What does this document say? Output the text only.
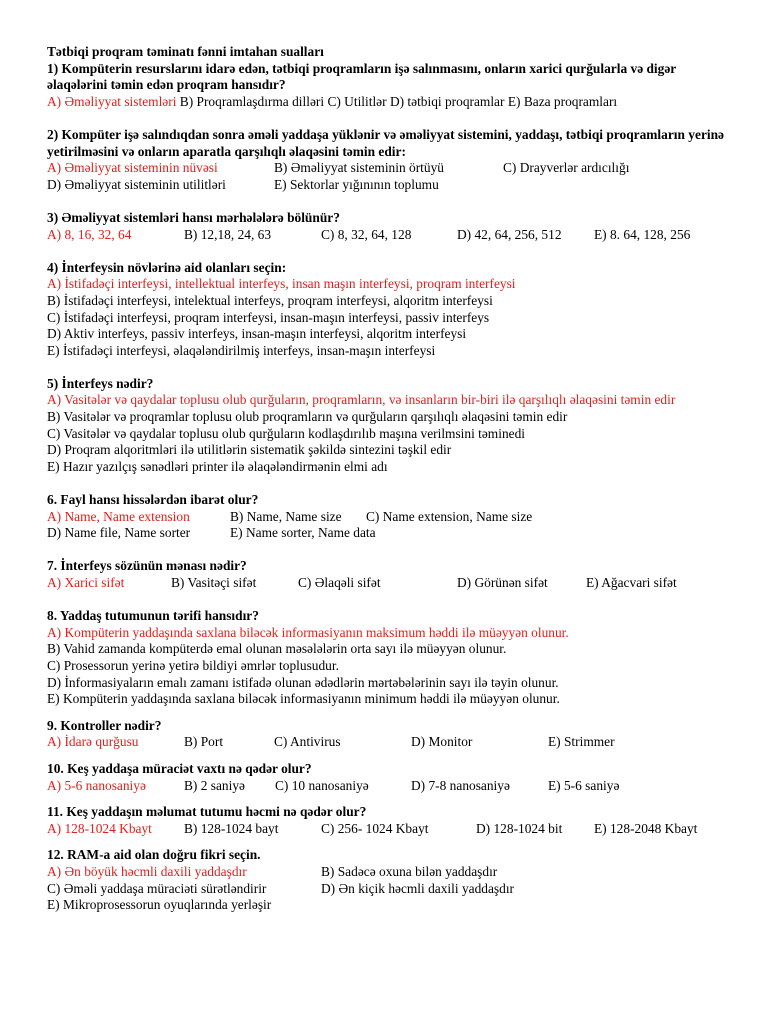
Tətbiqi proqram təminatı fənni imtahan sualları
1) Kompüterin resurslarını idarə edən, tətbiqi proqramların işə salınmasını, onların xarici qurğularla və digər əlaqələrini təmin edən proqram hansıdır?
A) Əməliyyat sistemləri B) Proqramlaşdırma dilləri C) Utilitlər D) tətbiqi proqramlar E) Baza proqramları
2) Kompüter işə salındıqdan sonra əməli yaddaşa yüklənir və əməliyyat sistemini, yaddaşı, tətbiqi proqramların yerinə yetirilməsini və onların aparatla qarşılıqlı əlaqəsini təmin edir:
A) Əməliyyat sisteminin nüvəsi	B) Əməliyyat sisteminin örtüyü	C) Drayverlər ardıcılığı
D) Əməliyyat sisteminin utilitləri	E) Sektorlar yığınının toplumu
3) Əməliyyat sistemləri hansı mərhələlərə bölünür?
A) 8, 16, 32, 64	B) 12,18, 24, 63	C) 8, 32, 64, 128	D) 42, 64, 256, 512 E) 8. 64, 128, 256
4) İnterfeysin növlərinə aid olanları seçin:
A) İstifadəçi interfeysi, intellektual interfeys, insan maşın interfeysi, proqram interfeysi
B) İstifadəçi interfeysi, intelektual interfeys, proqram interfeysi, alqoritm interfeysi
C) İstifadəçi interfeysi, proqram interfeysi, insan-maşın interfeysi, passiv interfeys
D) Aktiv interfeys, passiv interfeys, insan-maşın interfeysi, alqoritm interfeysi
E) İstifadəçi interfeysi, əlaqələndirilmiş interfeys, insan-maşın interfeysi
5) İnterfeys nədir?
A) Vasitələr və qaydalar toplusu olub qurğuların, proqramların, və insanların bir-biri ilə qarşılıqlı əlaqəsini təmin edir
B) Vasitələr və proqramlar toplusu olub proqramların və qurğuların qarşılıqlı əlaqəsini təmin edir
C) Vasitələr və qaydalar toplusu olub qurğuların kodlaşdırılıb maşına verilmsini təminedi
D) Proqram alqoritmləri ilə utilitlərin sistematik şəkildə sintezini təşkil edir
E) Hazır yazılçış sənədləri printer ilə əlaqələndirmənin elmi adı
6. Fayl hansı hissələrdən ibarət olur?
A) Name, Name extension	B) Name, Name size C) Name extension, Name size
D) Name file, Name sorter	E) Name sorter, Name data
7. İnterfeys sözünün mənası nədir?
A) Xarici sifət	B) Vasitəçi sifət	C) Əlaqəli sifət	D) Görünən sifət	E) Ağacvari sifət
8. Yaddaş tutumunun tərifi hansıdır?
A) Kompüterin yaddaşında saxlana biləcək informasiyanın maksimum həddi ilə müəyyən olunur.
B) Vahid zamanda kompüterdə emal olunan məsələlərin orta sayı ilə müəyyən olunur.
C) Prosessorun yerinə yetirə bildiyi əmrlər toplusudur.
D) İnformasiyaların emalı zamanı istifadə olunan ədədlərin mərtəbələrinin sayı ilə təyin olunur.
E) Kompüterin yaddaşında saxlana biləcək informasiyanın minimum həddi ilə müəyyən olunur.
9. Kontroller nədir?
A) İdarə qurğusu	B) Port	C) Antivirus	D) Monitor	E) Strimmer
10. Keş yaddaşa müraciət vaxtı nə qədər olur?
A) 5-6 nanosaniyə	B) 2 saniyə C) 10 nanosaniyə	D) 7-8 nanosaniyə	E) 5-6 saniyə
11. Keş yaddaşın məlumat tutumu həcmi nə qədər olur?
A) 128-1024 Kbayt B) 128-1024 bayt	C) 256- 1024 Kbayt	D) 128-1024 bit E) 128-2048 Kbayt
12. RAM-a aid olan doğru fikri seçin.
A) Ən böyük həcmli daxili yaddaşdır	B) Sadəcə oxuna bilən yaddaşdır
C) Əməli yaddaşa müraciəti sürətləndirir	D) Ən kiçik həcmli daxili yaddaşdır
E) Mikroprosessorun oyuqlarında yerləşir
